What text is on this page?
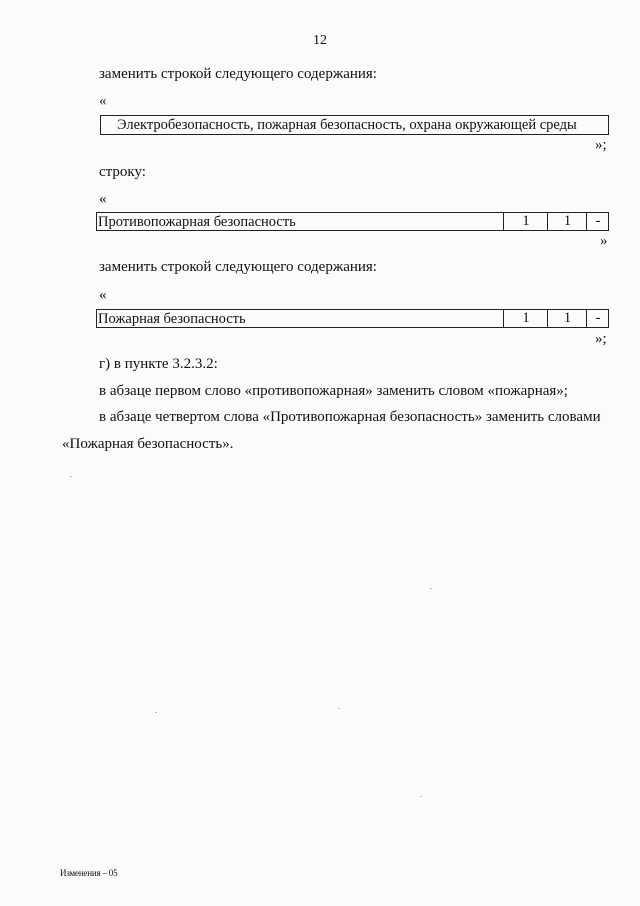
12
заменить строкой следующего содержания:
«
Электробезопасность, пожарная безопасность, охрана окружающей среды
»;
строку:
«
Противопожарная безопасность	1	1	-
»
заменить строкой следующего содержания:
«
Пожарная безопасность	1	1	-
»;
г) в пункте 3.2.3.2:
в абзаце первом слово «противопожарная» заменить словом «пожарная»;
в абзаце четвертом слова «Противопожарная безопасность» заменить словами
«Пожарная безопасность».
Изменения – 05
